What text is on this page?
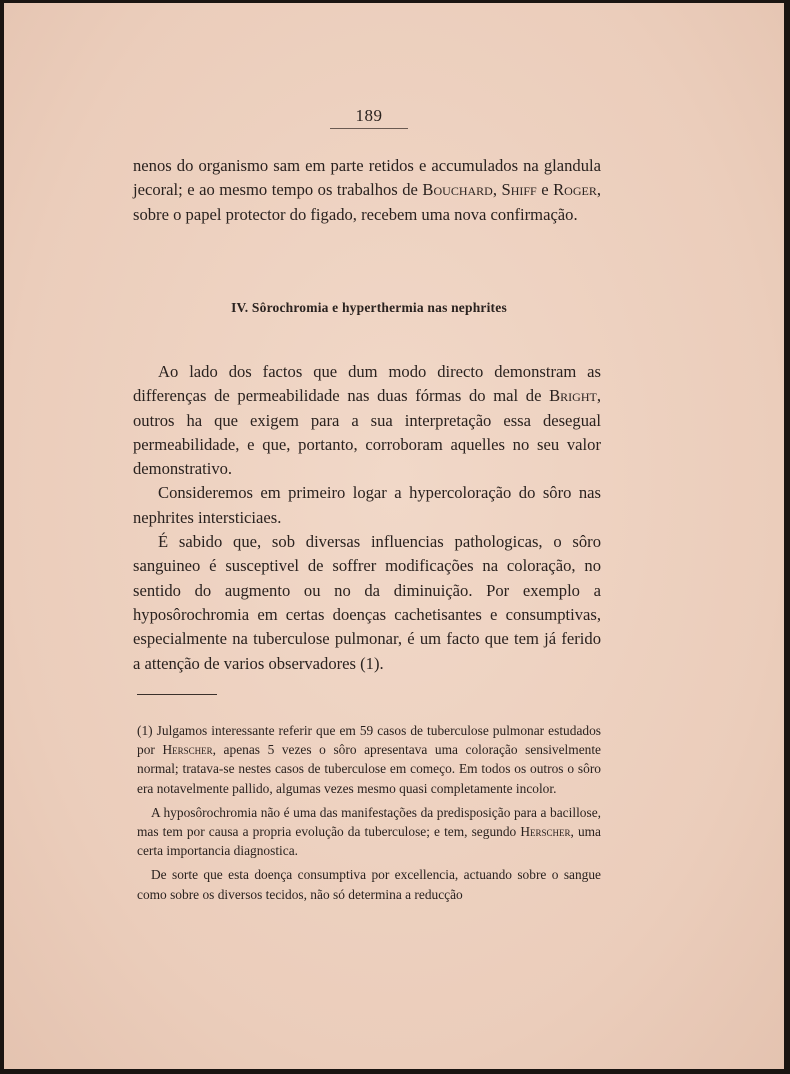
189
nenos do organismo sam em parte retidos e accumulados na glandula jecoral; e ao mesmo tempo os trabalhos de Bouchard, Shiff e Roger, sobre o papel protector do figado, recebem uma nova confirmação.
IV. Sôrochromia e hyperthermia nas nephrites

Ao lado dos factos que dum modo directo demonstram as differenças de permeabilidade nas duas fórmas do mal de Bright, outros ha que exigem para a sua interpretação essa desegual permeabilidade, e que, portanto, corroboram aquelles no seu valor demonstrativo.

Consideremos em primeiro logar a hypercoloração do sôro nas nephrites intersticiaes.

É sabido que, sob diversas influencias pathologicas, o sôro sanguineo é susceptivel de soffrer modificações na coloração, no sentido do augmento ou no da diminuição. Por exemplo a hyposôrochromia em certas doenças cachetisantes e consumptivas, especialmente na tuberculose pulmonar, é um facto que tem já ferido a attenção de varios observadores (1).

(1) Julgamos interessante referir que em 59 casos de tuberculose pulmonar estudados por Herscher, apenas 5 vezes o sôro apresentava uma coloração sensivelmente normal; tratava-se nestes casos de tuberculose em começo. Em todos os outros o sôro era notavelmente pallido, algumas vezes mesmo quasi completamente incolor.

A hyposôrochromia não é uma das manifestações da predisposição para a bacillose, mas tem por causa a propria evolução da tuberculose; e tem, segundo Herscher, uma certa importancia diagnostica.

De sorte que esta doença consumptiva por excellencia, actuando sobre o sangue como sobre os diversos tecidos, não só determina a reducção
